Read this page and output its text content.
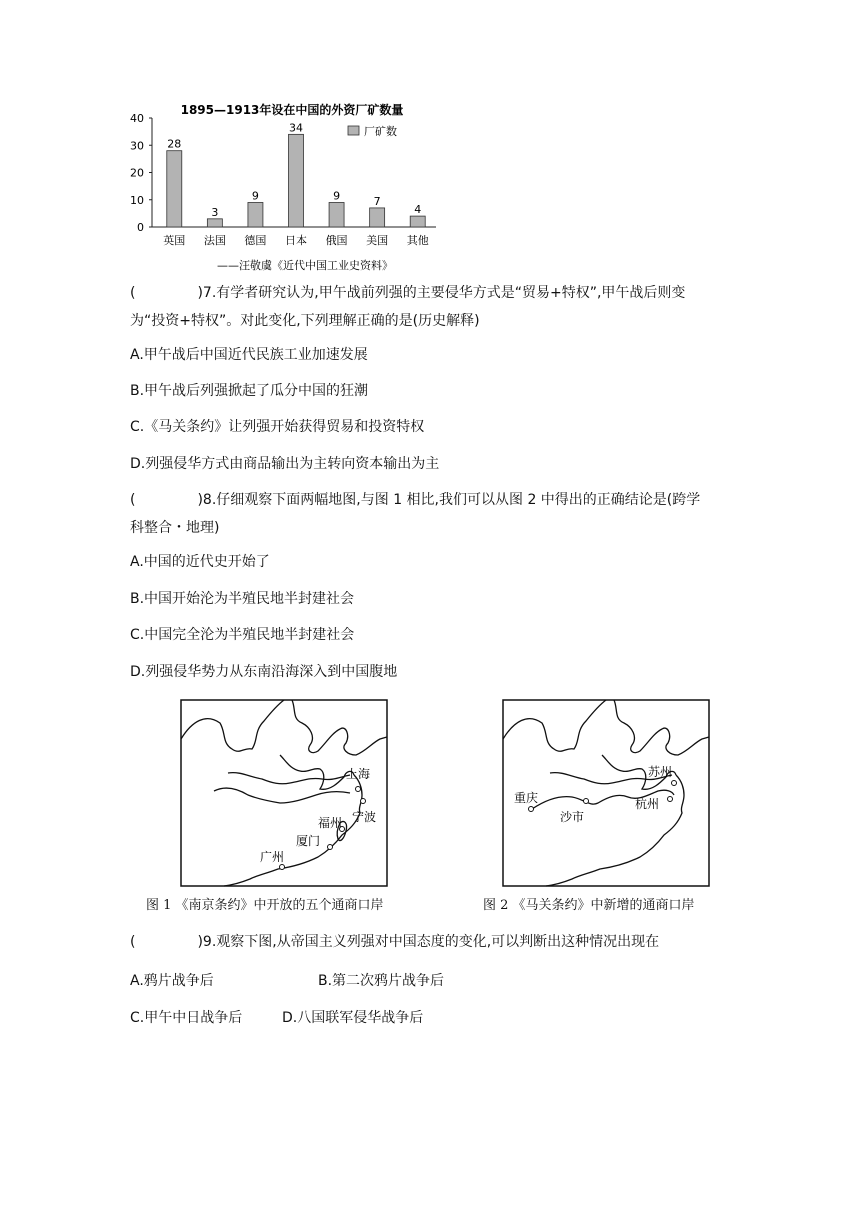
1895—1913年设在中国的外资厂矿数量
0
10
20
30
40
28
英国
3
法国
9
德国
34
日本
9
俄国
7
美国
4
其他
厂矿数
——汪敬虞《近代中国工业史资料》
(	)7.有学者研究认为,甲午战前列强的主要侵华方式是“贸易+特权”,甲午战后则变
为“投资+特权”。对此变化,下列理解正确的是(历史解释)
A.甲午战后中国近代民族工业加速发展
B.甲午战后列强掀起了瓜分中国的狂潮
C.《马关条约》让列强开始获得贸易和投资特权
D.列强侵华方式由商品输出为主转向资本输出为主
(	)8.仔细观察下面两幅地图,与图 1 相比,我们可以从图 2 中得出的正确结论是(跨学
科整合・地理)
A.中国的近代史开始了
B.中国开始沦为半殖民地半封建社会
C.中国完全沦为半殖民地半封建社会
D.列强侵华势力从东南沿海深入到中国腹地
上海
宁波
福州
厦门
广州
图 1 《南京条约》中开放的五个通商口岸
苏州
杭州
重庆
沙市
图 2 《马关条约》中新增的通商口岸
(	)9.观察下图,从帝国主义列强对中国态度的变化,可以判断出这种情况出现在
A.鸦片战争后	B.第二次鸦片战争后
C.甲午中日战争后	D.八国联军侵华战争后
